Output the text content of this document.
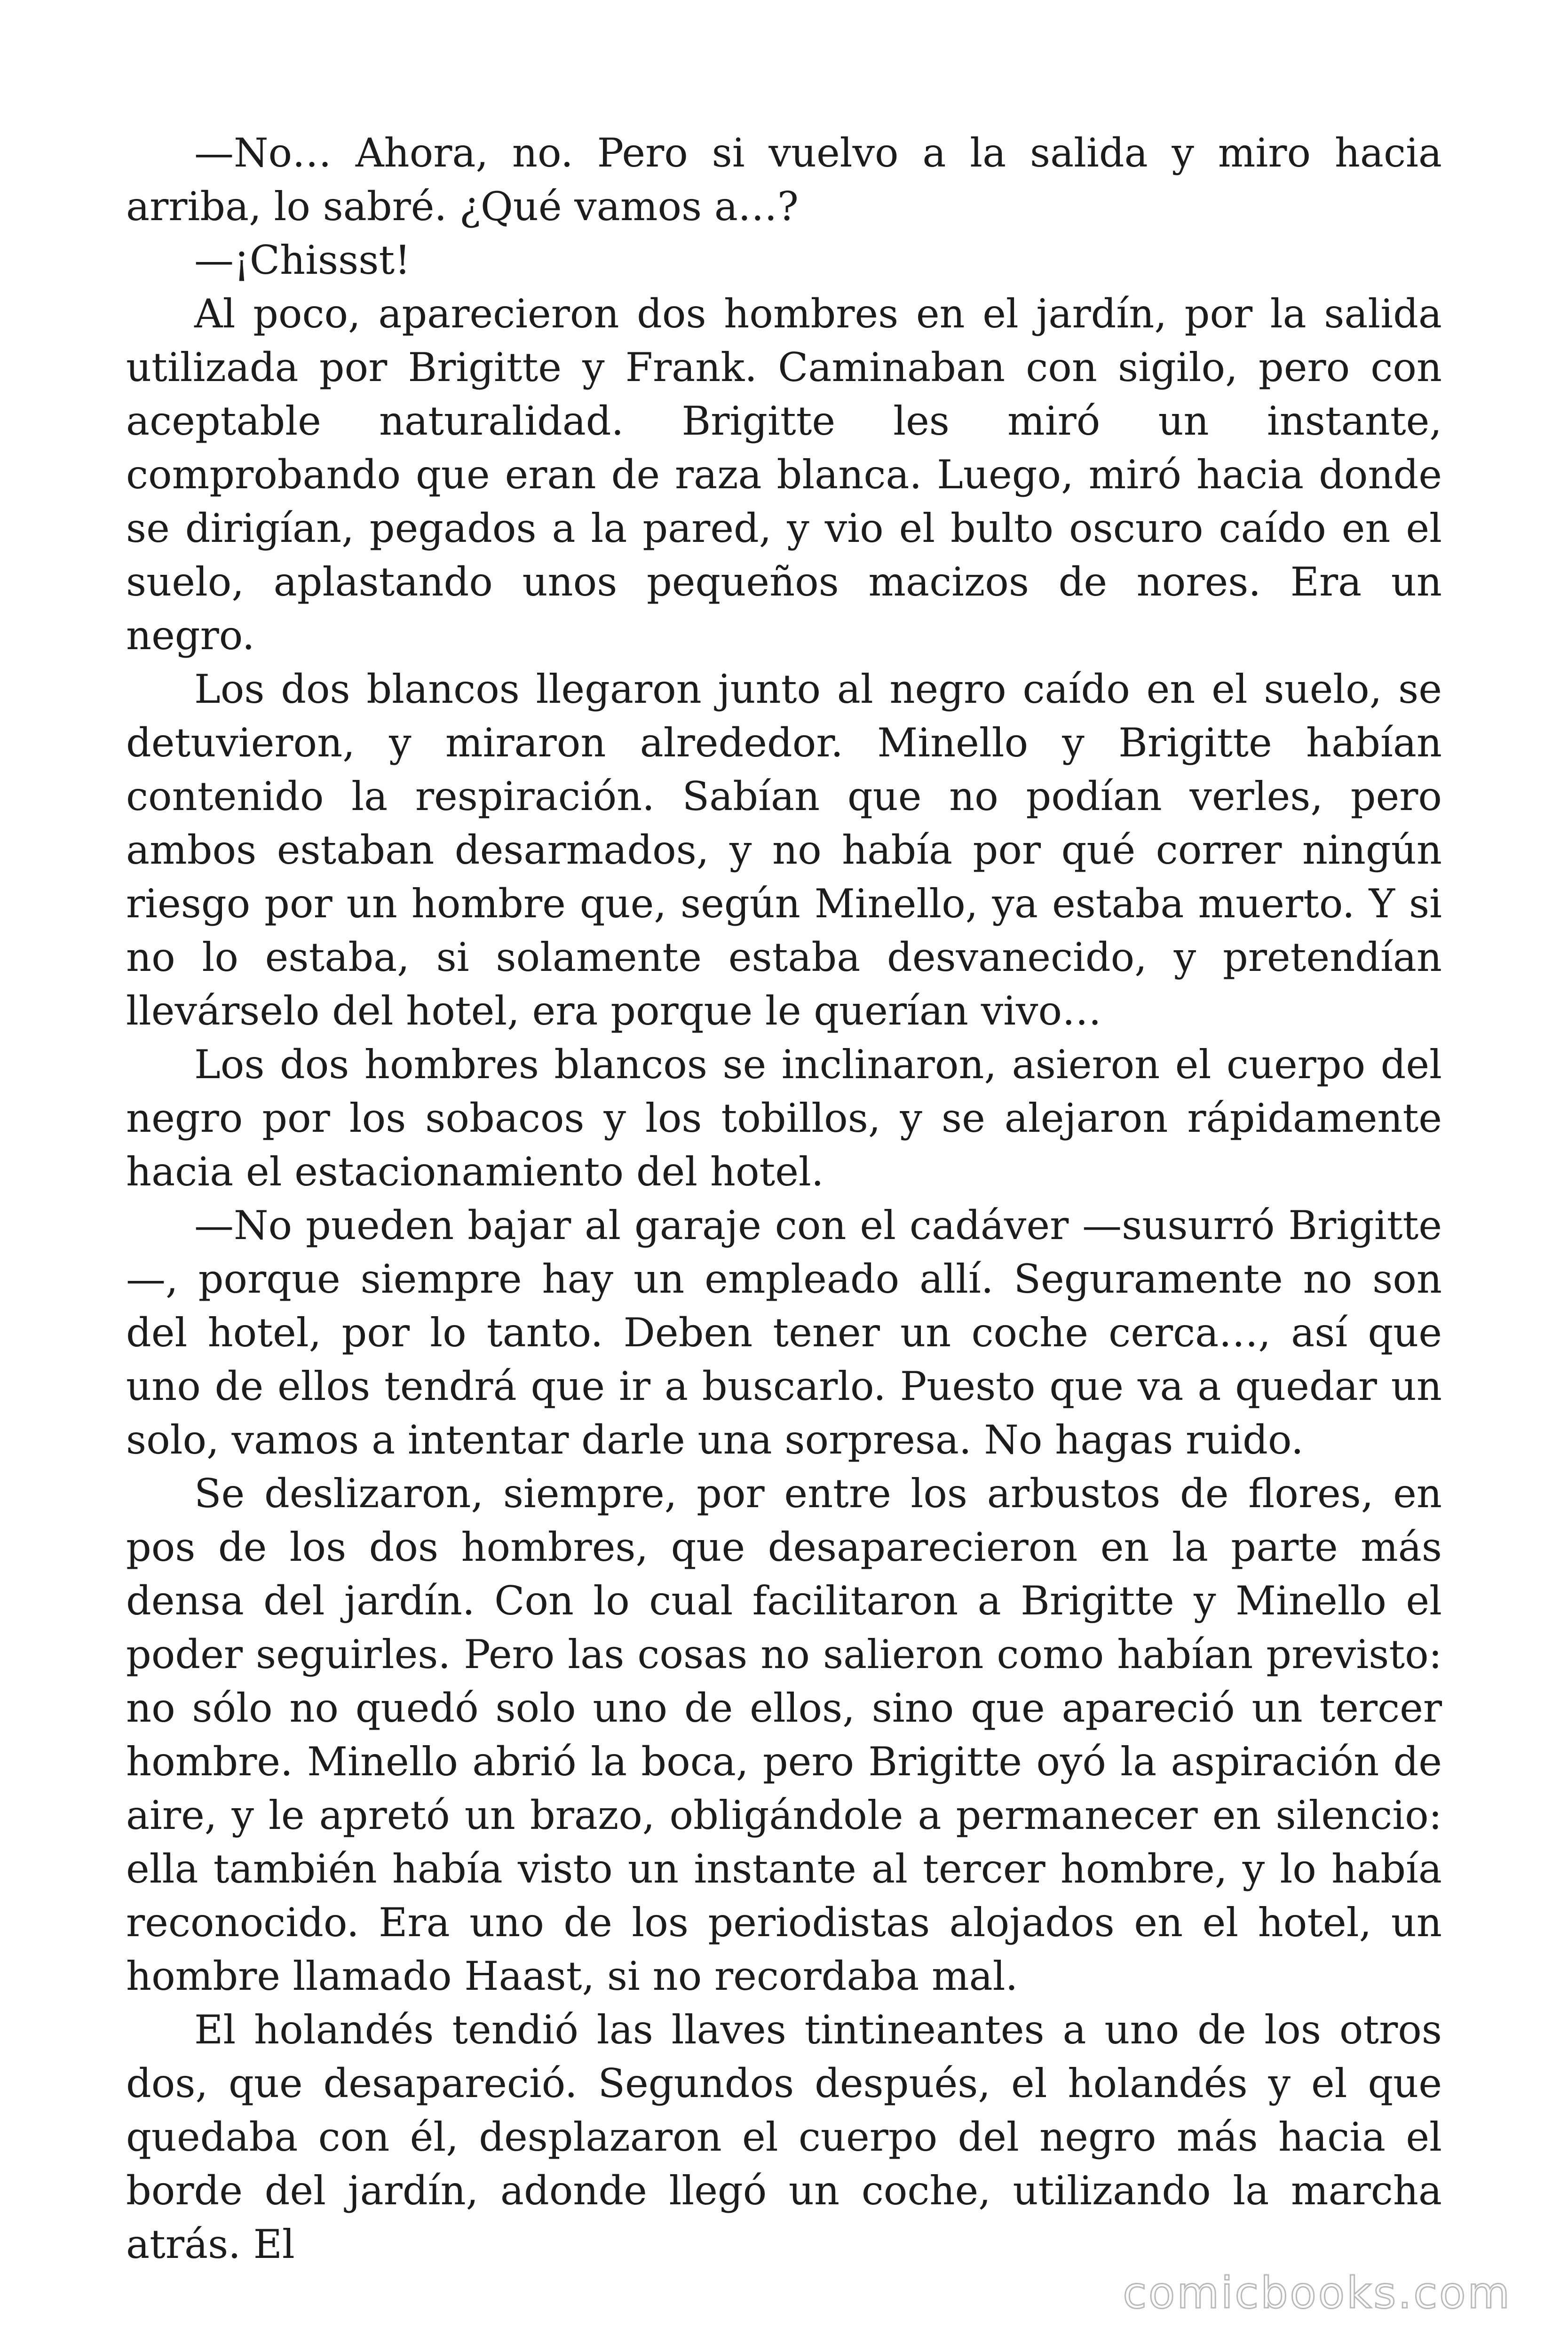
—No… Ahora, no. Pero si vuelvo a la salida y miro hacia arriba, lo sabré. ¿Qué vamos a…?

—¡Chissst!

Al poco, aparecieron dos hombres en el jardín, por la salida utilizada por Brigitte y Frank. Caminaban con sigilo, pero con aceptable naturalidad. Brigitte les miró un instante, comprobando que eran de raza blanca. Luego, miró hacia donde se dirigían, pegados a la pared, y vio el bulto oscuro caído en el suelo, aplastando unos pequeños macizos de nores. Era un negro.

Los dos blancos llegaron junto al negro caído en el suelo, se detuvieron, y miraron alrededor. Minello y Brigitte habían contenido la respiración. Sabían que no podían verles, pero ambos estaban desarmados, y no había por qué correr ningún riesgo por un hombre que, según Minello, ya estaba muerto. Y si no lo estaba, si solamente estaba desvanecido, y pretendían llevárselo del hotel, era porque le querían vivo…

Los dos hombres blancos se inclinaron, asieron el cuerpo del negro por los sobacos y los tobillos, y se alejaron rápidamente hacia el estacionamiento del hotel.

—No pueden bajar al garaje con el cadáver —susurró Brigitte—, porque siempre hay un empleado allí. Seguramente no son del hotel, por lo tanto. Deben tener un coche cerca…, así que uno de ellos tendrá que ir a buscarlo. Puesto que va a quedar un solo, vamos a intentar darle una sorpresa. No hagas ruido.

Se deslizaron, siempre, por entre los arbustos de flores, en pos de los dos hombres, que desaparecieron en la parte más densa del jardín. Con lo cual facilitaron a Brigitte y Minello el poder seguirles. Pero las cosas no salieron como habían previsto: no sólo no quedó solo uno de ellos, sino que apareció un tercer hombre. Minello abrió la boca, pero Brigitte oyó la aspiración de aire, y le apretó un brazo, obligándole a permanecer en silencio: ella también había visto un instante al tercer hombre, y lo había reconocido. Era uno de los periodistas alojados en el hotel, un hombre llamado Haast, si no recordaba mal.

El holandés tendió las llaves tintineantes a uno de los otros dos, que desapareció. Segundos después, el holandés y el que quedaba con él, desplazaron el cuerpo del negro más hacia el borde del jardín, adonde llegó un coche, utilizando la marcha atrás. El

comicbooks.com
